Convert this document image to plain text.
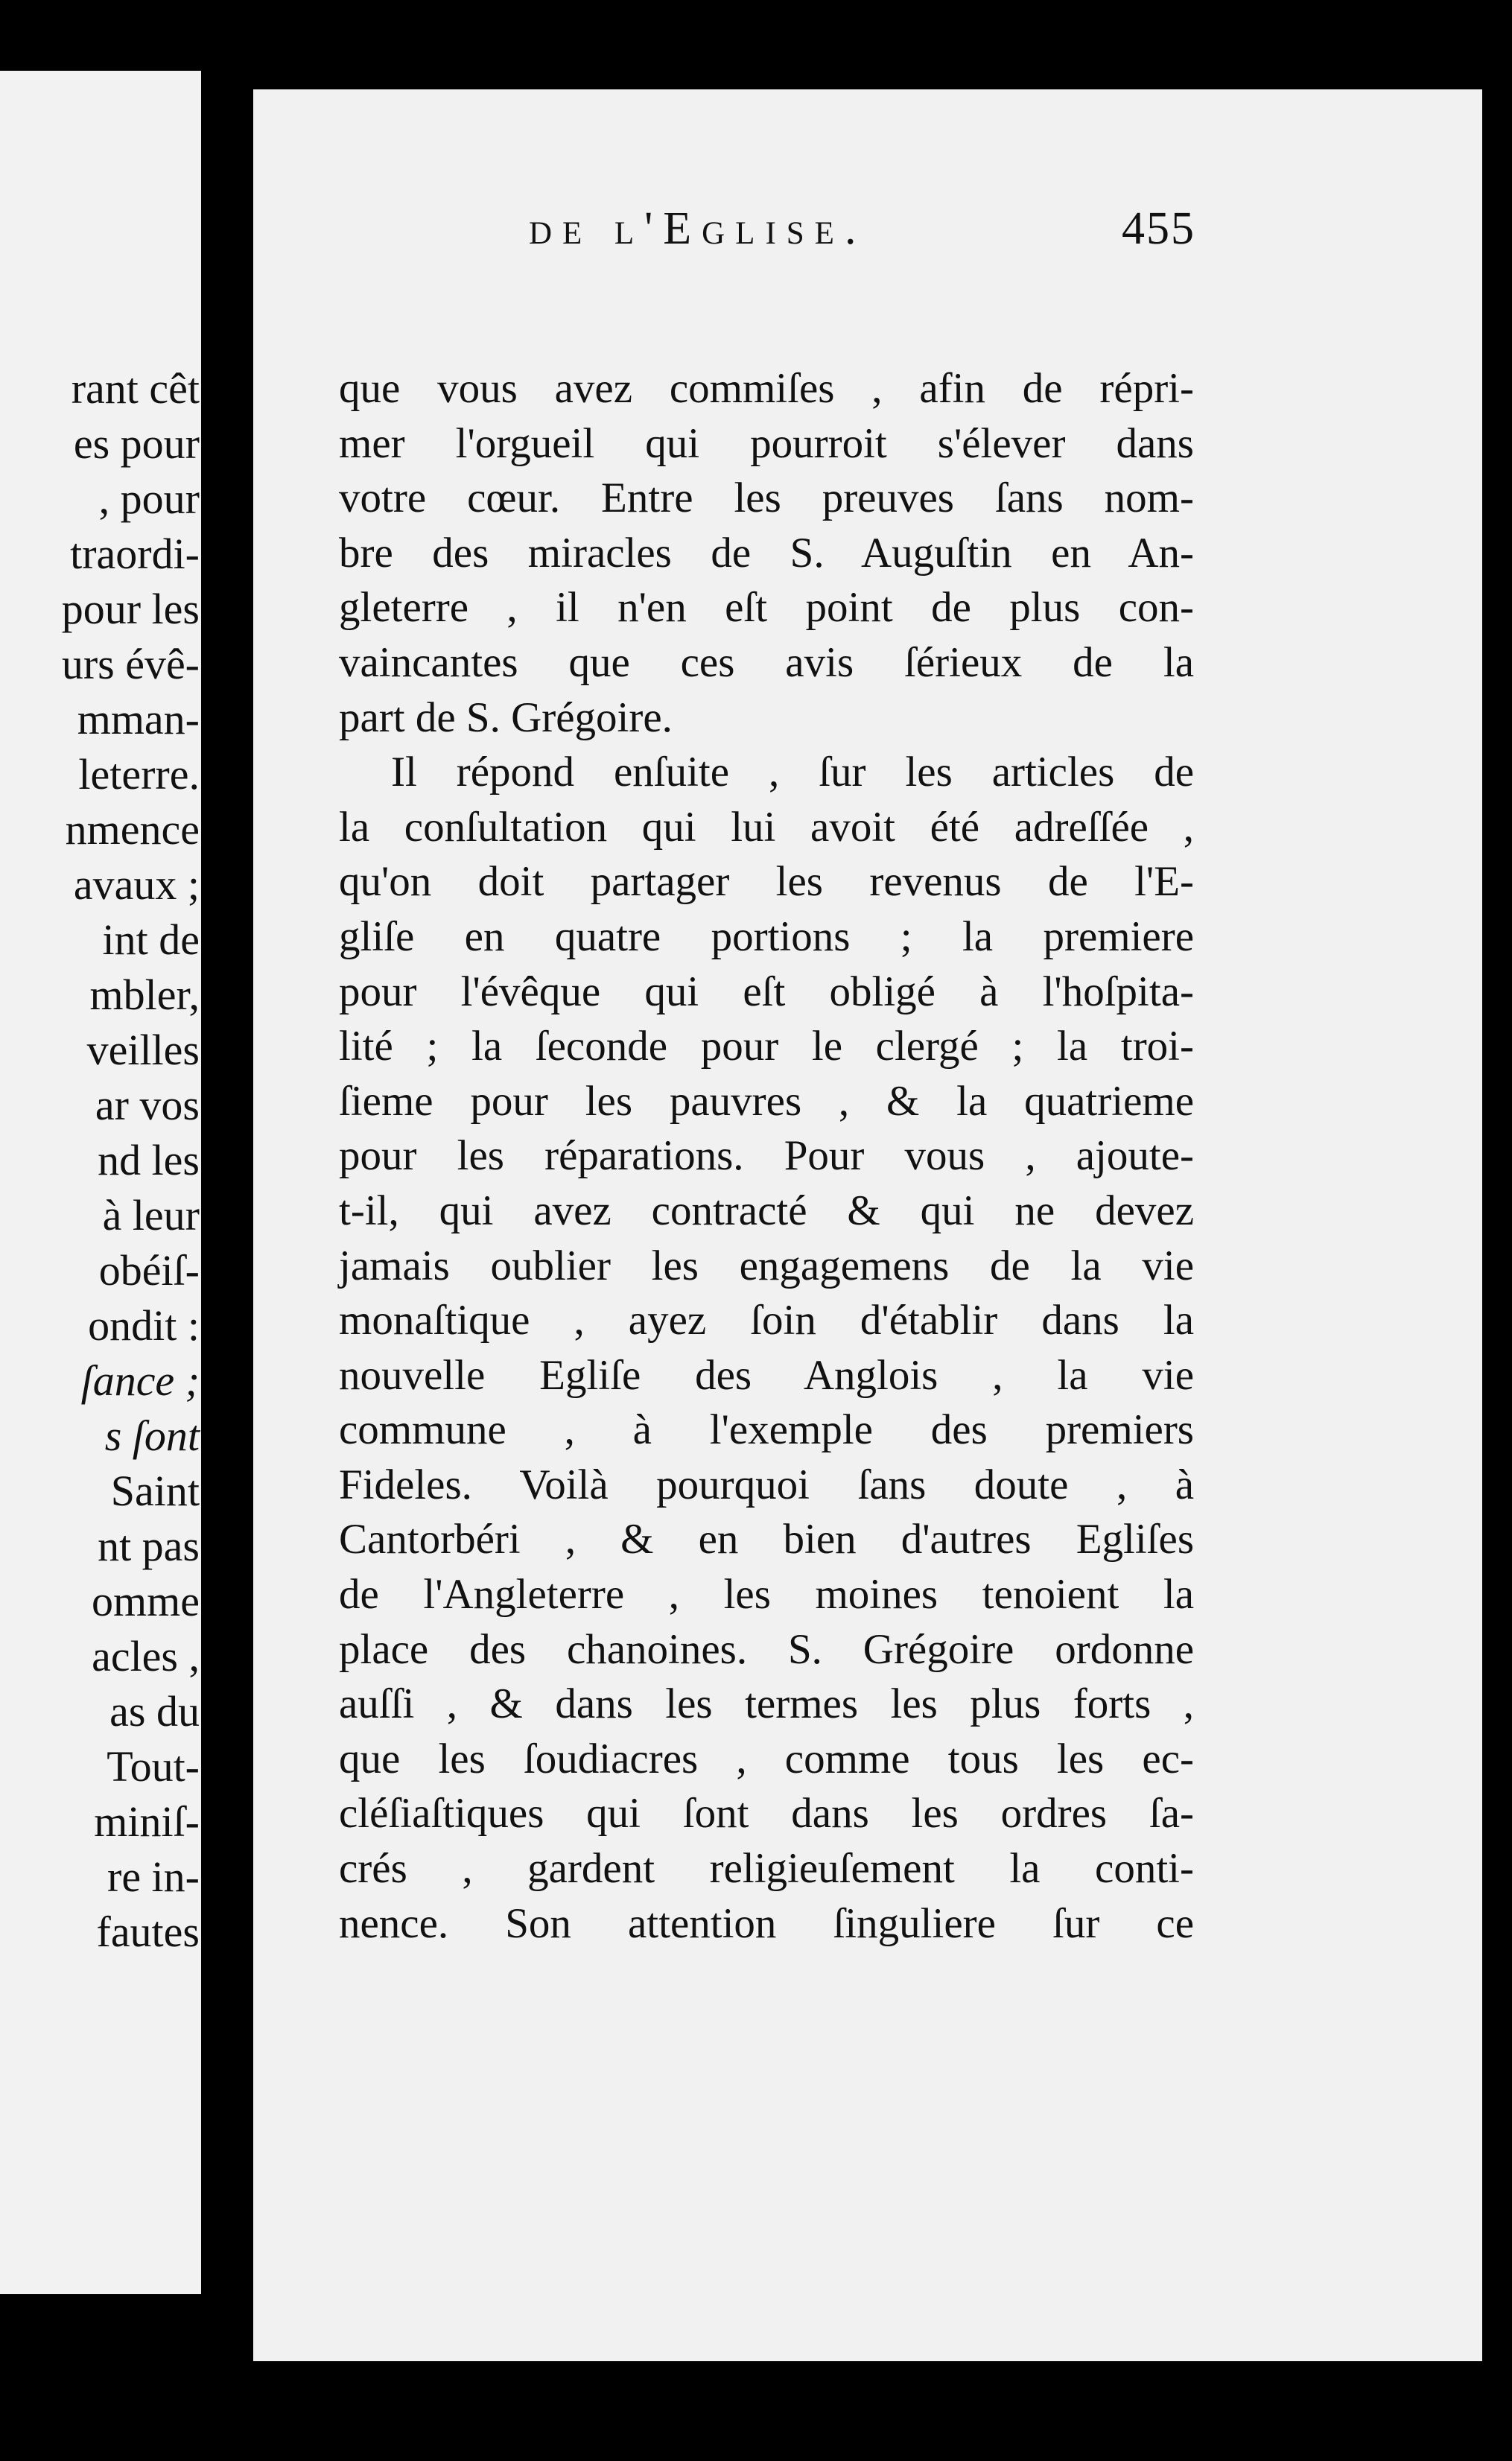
rant cêt
es pour
, pour
traordi-
pour les
urs évê-
mman-
leterre.
nmence
avaux ;
int de
mbler,
veilles
ar vos
nd les
à leur
obéiſ-
ondit :
ſance ;
s ſont
Saint
nt pas
omme
acles ,
as du
Tout-
miniſ-
re in-
fautes
de l'Egliſe.	455
que vous avez commiſes , afin de répri-
mer l'orgueil qui pourroit s'élever dans
votre cœur. Entre les preuves ſans nom-
bre des miracles de S. Auguſtin en An-
gleterre , il n'en eſt point de plus con-
vaincantes que ces avis ſérieux de la
part de S. Grégoire.
Il répond enſuite , ſur les articles de
la conſultation qui lui avoit été adreſſée ,
qu'on doit partager les revenus de l'E-
gliſe en quatre portions ; la premiere
pour l'évêque qui eſt obligé à l'hoſpita-
lité ; la ſeconde pour le clergé ; la troi-
ſieme pour les pauvres , & la quatrieme
pour les réparations. Pour vous , ajoute-
t-il, qui avez contracté & qui ne devez
jamais oublier les engagemens de la vie
monaſtique , ayez ſoin d'établir dans la
nouvelle Egliſe des Anglois , la vie
commune , à l'exemple des premiers
Fideles. Voilà pourquoi ſans doute , à
Cantorbéri , & en bien d'autres Egliſes
de l'Angleterre , les moines tenoient la
place des chanoines. S. Grégoire ordonne
auſſi , & dans les termes les plus forts ,
que les ſoudiacres , comme tous les ec-
cléſiaſtiques qui ſont dans les ordres ſa-
crés , gardent religieuſement la conti-
nence. Son attention ſinguliere ſur ce
